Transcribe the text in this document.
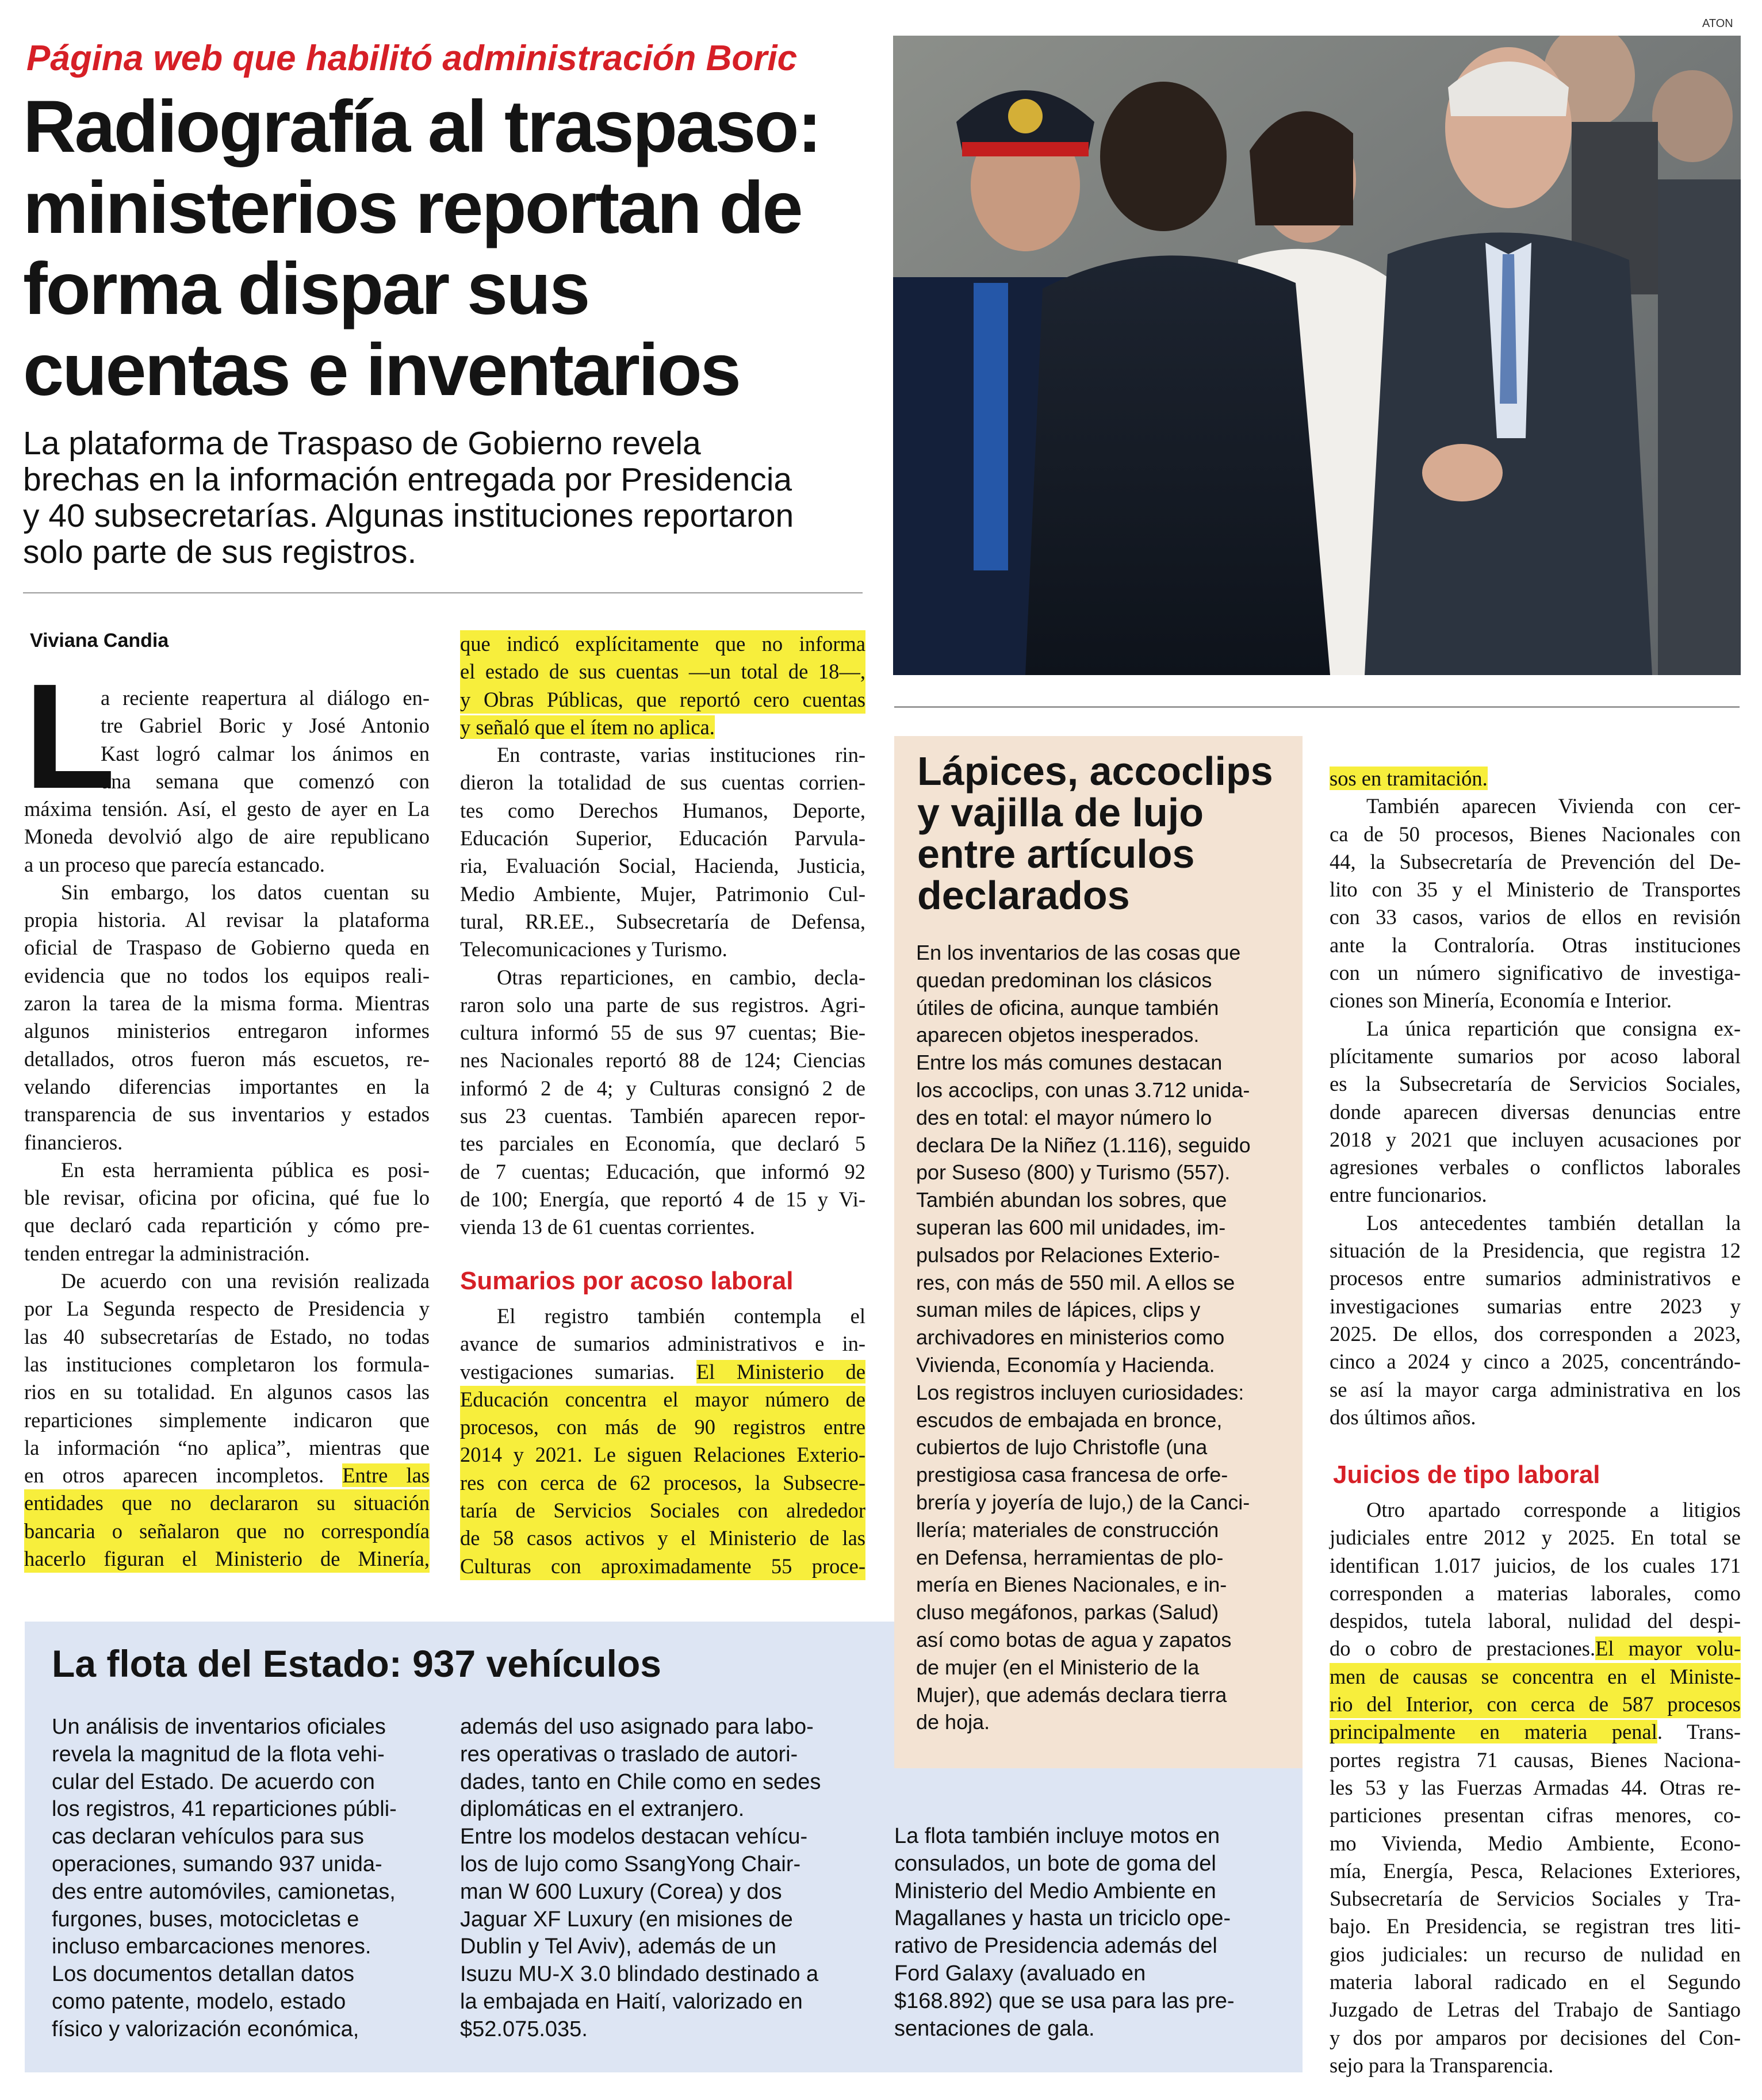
Página web que habilitó administración Boric
Radiografía al traspaso:
ministerios reportan de
forma dispar sus
cuentas e inventarios
La plataforma de Traspaso de Gobierno revela
brechas en la información entregada por Presidencia
y 40 subsecretarías. Algunas instituciones reportaron
solo parte de sus registros.
Viviana Candia
ATON
L
a reciente reapertura al diálogo en-
tre Gabriel Boric y José Antonio
Kast logró calmar los ánimos en
una semana que comenzó con
máxima tensión. Así, el gesto de ayer en La
Moneda devolvió algo de aire republicano
a un proceso que parecía estancado.
Sin embargo, los datos cuentan su
propia historia. Al revisar la plataforma
oficial de Traspaso de Gobierno queda en
evidencia que no todos los equipos reali-
zaron la tarea de la misma forma. Mientras
algunos ministerios entregaron informes
detallados, otros fueron más escuetos, re-
velando diferencias importantes en la
transparencia de sus inventarios y estados
financieros.
En esta herramienta pública es posi-
ble revisar, oficina por oficina, qué fue lo
que declaró cada repartición y cómo pre-
tenden entregar la administración.
De acuerdo con una revisión realizada
por La Segunda respecto de Presidencia y
las 40 subsecretarías de Estado, no todas
las instituciones completaron los formula-
rios en su totalidad. En algunos casos las
reparticiones simplemente indicaron que
la información “no aplica”, mientras que
en otros aparecen incompletos. Entre las
entidades que no declararon su situación
bancaria o señalaron que no correspondía
hacerlo figuran el Ministerio de Minería,
que indicó explícitamente que no informa
el estado de sus cuentas —un total de 18—,
y Obras Públicas, que reportó cero cuentas
y señaló que el ítem no aplica.
En contraste, varias instituciones rin-
dieron la totalidad de sus cuentas corrien-
tes como Derechos Humanos, Deporte,
Educación Superior, Educación Parvula-
ria, Evaluación Social, Hacienda, Justicia,
Medio Ambiente, Mujer, Patrimonio Cul-
tural, RR.EE., Subsecretaría de Defensa,
Telecomunicaciones y Turismo.
Otras reparticiones, en cambio, decla-
raron solo una parte de sus registros. Agri-
cultura informó 55 de sus 97 cuentas; Bie-
nes Nacionales reportó 88 de 124; Ciencias
informó 2 de 4; y Culturas consignó 2 de
sus 23 cuentas. También aparecen repor-
tes parciales en Economía, que declaró 5
de 7 cuentas; Educación, que informó 92
de 100; Energía, que reportó 4 de 15 y Vi-
vienda 13 de 61 cuentas corrientes.
Sumarios por acoso laboral
El registro también contempla el
avance de sumarios administrativos e in-
vestigaciones sumarias. El Ministerio de
Educación concentra el mayor número de
procesos, con más de 90 registros entre
2014 y 2021. Le siguen Relaciones Exterio-
res con cerca de 62 procesos, la Subsecre-
taría de Servicios Sociales con alrededor
de 58 casos activos y el Ministerio de las
Culturas con aproximadamente 55 proce-
La flota del Estado: 937 vehículos
Un análisis de inventarios oficiales
revela la magnitud de la flota vehi-
cular del Estado. De acuerdo con
los registros, 41 reparticiones públi-
cas declaran vehículos para sus
operaciones, sumando 937 unida-
des entre automóviles, camionetas,
furgones, buses, motocicletas e
incluso embarcaciones menores.
Los documentos detallan datos
como patente, modelo, estado
físico y valorización económica,
además del uso asignado para labo-
res operativas o traslado de autori-
dades, tanto en Chile como en sedes
diplomáticas en el extranjero.
Entre los modelos destacan vehícu-
los de lujo como SsangYong Chair-
man W 600 Luxury (Corea) y dos
Jaguar XF Luxury (en misiones de
Dublin y Tel Aviv), además de un
Isuzu MU-X 3.0 blindado destinado a
la embajada en Haití, valorizado en
$52.075.035.
Lápices, accoclips
y vajilla de lujo
entre artículos
declarados
En los inventarios de las cosas que
quedan predominan los clásicos
útiles de oficina, aunque también
aparecen objetos inesperados.
Entre los más comunes destacan
los accoclips, con unas 3.712 unida-
des en total: el mayor número lo
declara De la Niñez (1.116), seguido
por Suseso (800) y Turismo (557).
También abundan los sobres, que
superan las 600 mil unidades, im-
pulsados por Relaciones Exterio-
res, con más de 550 mil. A ellos se
suman miles de lápices, clips y
archivadores en ministerios como
Vivienda, Economía y Hacienda.
Los registros incluyen curiosidades:
escudos de embajada en bronce,
cubiertos de lujo Christofle (una
prestigiosa casa francesa de orfe-
brería y joyería de lujo,) de la Canci-
llería; materiales de construcción
en Defensa, herramientas de plo-
mería en Bienes Nacionales, e in-
cluso megáfonos, parkas (Salud)
así como botas de agua y zapatos
de mujer (en el Ministerio de la
Mujer), que además declara tierra
de hoja.
La flota también incluye motos en
consulados, un bote de goma del
Ministerio del Medio Ambiente en
Magallanes y hasta un triciclo ope-
rativo de Presidencia además del
Ford Galaxy (avaluado en
$168.892) que se usa para las pre-
sentaciones de gala.
sos en tramitación.
También aparecen Vivienda con cer-
ca de 50 procesos, Bienes Nacionales con
44, la Subsecretaría de Prevención del De-
lito con 35 y el Ministerio de Transportes
con 33 casos, varios de ellos en revisión
ante la Contraloría. Otras instituciones
con un número significativo de investiga-
ciones son Minería, Economía e Interior.
La única repartición que consigna ex-
plícitamente sumarios por acoso laboral
es la Subsecretaría de Servicios Sociales,
donde aparecen diversas denuncias entre
2018 y 2021 que incluyen acusaciones por
agresiones verbales o conflictos laborales
entre funcionarios.
Los antecedentes también detallan la
situación de la Presidencia, que registra 12
procesos entre sumarios administrativos e
investigaciones sumarias entre 2023 y
2025. De ellos, dos corresponden a 2023,
cinco a 2024 y cinco a 2025, concentrándo-
se así la mayor carga administrativa en los
dos últimos años.
Juicios de tipo laboral
Otro apartado corresponde a litigios
judiciales entre 2012 y 2025. En total se
identifican 1.017 juicios, de los cuales 171
corresponden a materias laborales, como
despidos, tutela laboral, nulidad del despi-
do o cobro de prestaciones.El mayor volu-
men de causas se concentra en el Ministe-
rio del Interior, con cerca de 587 procesos
principalmente en materia penal. Trans-
portes registra 71 causas, Bienes Naciona-
les 53 y las Fuerzas Armadas 44. Otras re-
particiones presentan cifras menores, co-
mo Vivienda, Medio Ambiente, Econo-
mía, Energía, Pesca, Relaciones Exteriores,
Subsecretaría de Servicios Sociales y Tra-
bajo. En Presidencia, se registran tres liti-
gios judiciales: un recurso de nulidad en
materia laboral radicado en el Segundo
Juzgado de Letras del Trabajo de Santiago
y dos por amparos por decisiones del Con-
sejo para la Transparencia.
